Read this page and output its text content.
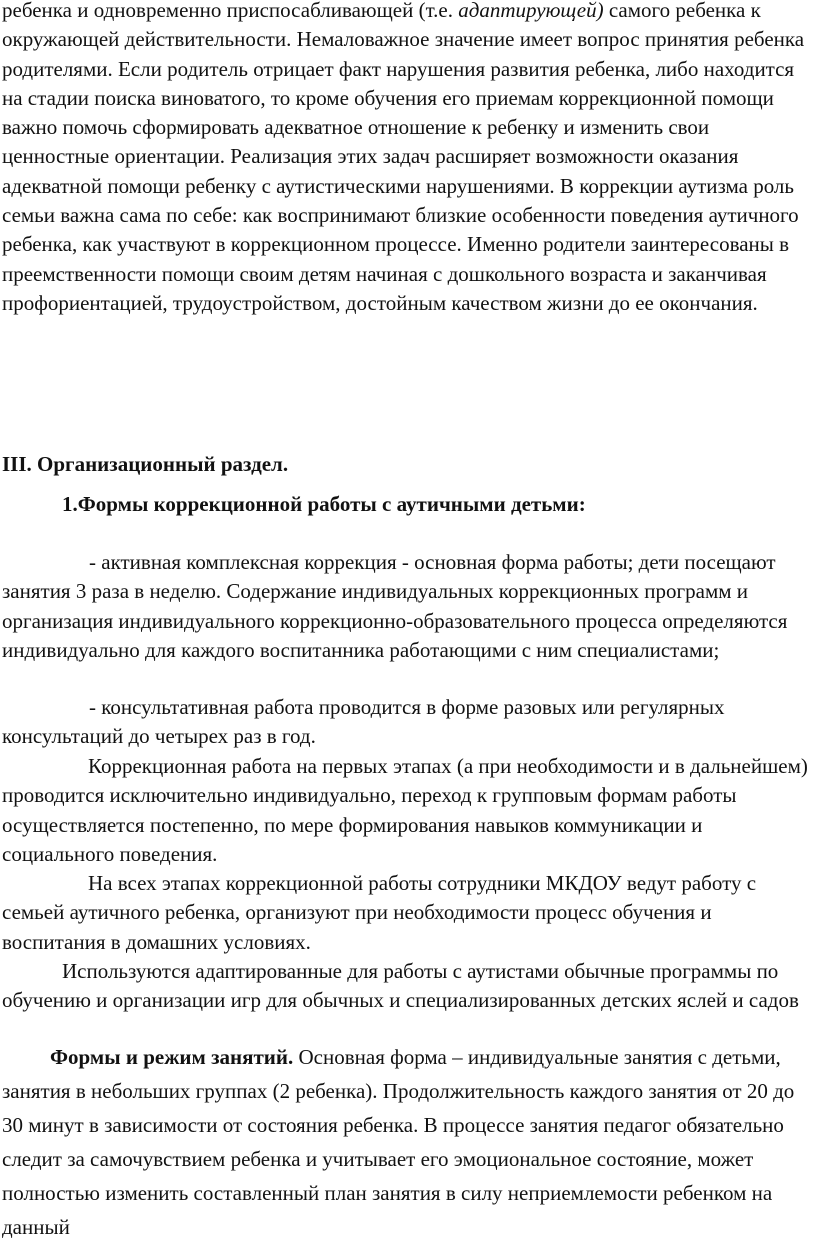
ребенка и одновременно приспосабливающей (т.е. адаптирующей) самого ребенка к окружающей действительности. Немаловажное значение имеет вопрос принятия ребенка родителями. Если родитель отрицает факт нарушения развития ребенка, либо находится на стадии поиска виноватого, то кроме обучения его приемам коррекционной помощи важно помочь сформировать адекватное отношение к ребенку и изменить свои ценностные ориентации. Реализация этих задач расширяет возможности оказания адекватной помощи ребенку с аутистическими нарушениями. В коррекции аутизма роль семьи важна сама по себе: как воспринимают близкие особенности поведения аутичного ребенка, как участвуют в коррекционном процессе. Именно родители заинтересованы в преемственности помощи своим детям начиная с дошкольного возраста и заканчивая профориентацией, трудоустройством, достойным качеством жизни до ее окончания.

III. Организационный раздел.
1.Формы коррекционной работы с аутичными детьми:

- активная комплексная коррекция - основная форма работы; дети посещают занятия 3 раза в неделю. Содержание индивидуальных коррекционных программ и организация индивидуального коррекционно-образовательного процесса определяются индивидуально для каждого воспитанника работающими с ним специалистами;

- консультативная работа проводится в форме разовых или регулярных консультаций до четырех раз в год.

Коррекционная работа на первых этапах (а при необходимости и в дальнейшем) проводится исключительно индивидуально, переход к групповым формам работы осуществляется постепенно, по мере формирования навыков коммуникации и социального поведения.

На всех этапах коррекционной работы сотрудники МКДОУ ведут работу с семьей аутичного ребенка, организуют при необходимости процесс обучения и воспитания в домашних условиях.

Используются адаптированные для работы с аутистами обычные программы по обучению и организации игр для обычных и специализированных детских яслей и садов

Формы и режим занятий. Основная форма – индивидуальные занятия с детьми, занятия в небольших группах (2 ребенка). Продолжительность каждого занятия от 20 до 30 минут в зависимости от состояния ребенка. В процессе занятия педагог обязательно следит за самочувствием ребенка и учитывает его эмоциональное состояние, может полностью изменить составленный план занятия в силу неприемлемости ребенком на данный
